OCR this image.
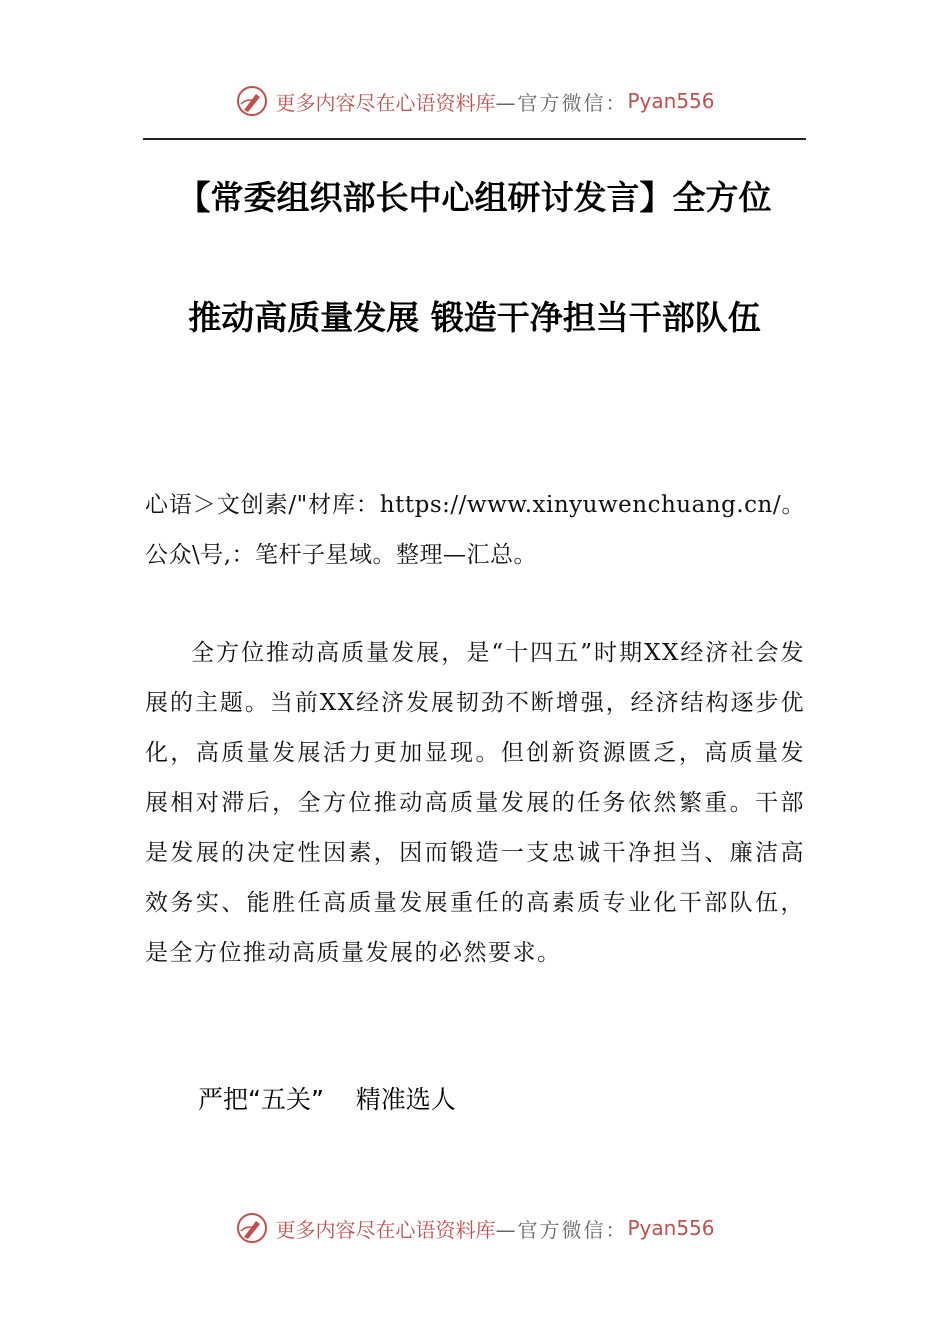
更多内容尽在心语资料库 —官方微信： Pyan556
【常委组织部长中心组研讨发言】全方位
推动高质量发展 锻造干净担当干部队伍

心语＞文创素/"材库：https://www.xinyuwenchuang.cn/。公众\号,：笔杆子星域。整理—汇总。

全方位推动高质量发展，是“十四五”时期XX经济社会发展的主题。当前XX经济发展韧劲不断增强，经济结构逐步优化，高质量发展活力更加显现。但创新资源匮乏，高质量发展相对滞后，全方位推动高质量发展的任务依然繁重。干部是发展的决定性因素，因而锻造一支忠诚干净担当、廉洁高效务实、能胜任高质量发展重任的高素质专业化干部队伍，是全方位推动高质量发展的必然要求。

严把“五关”    精准选人
更多内容尽在心语资料库 —官方微信： Pyan556
